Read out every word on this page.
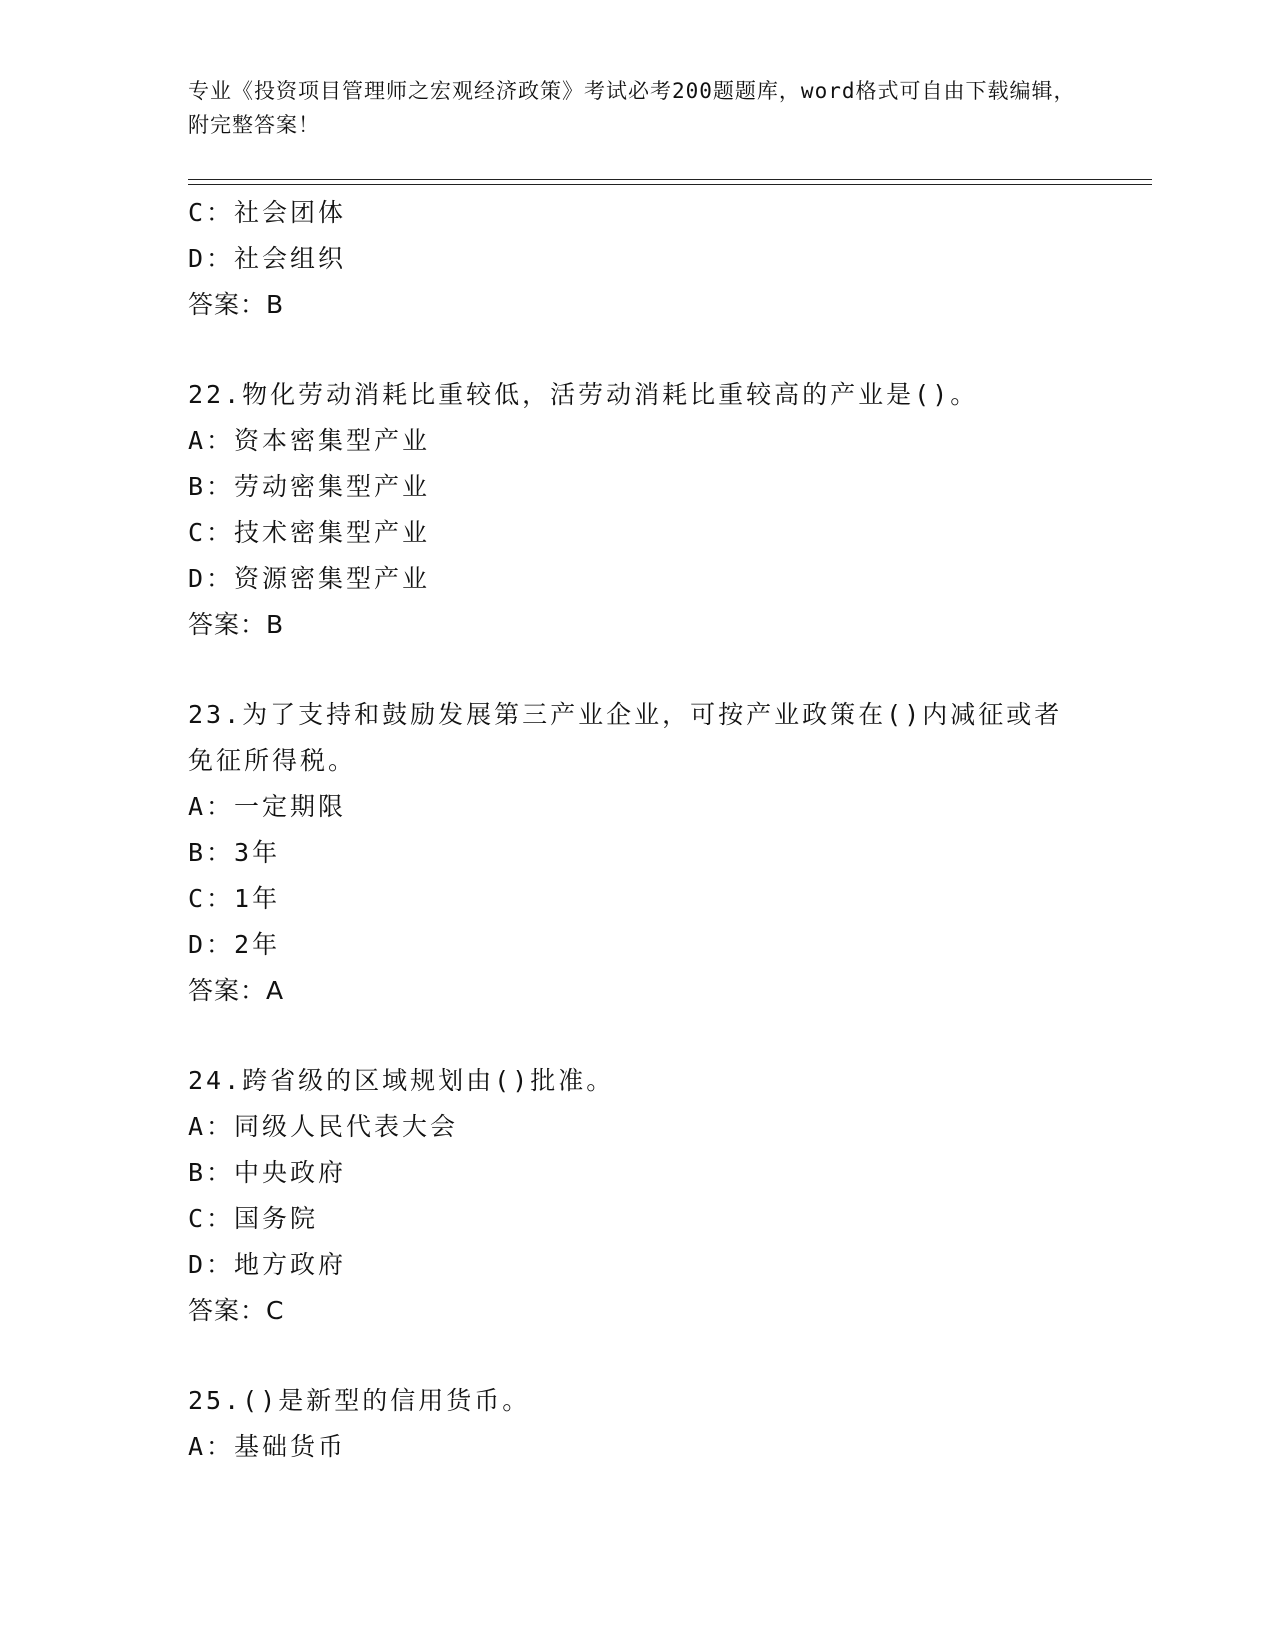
专业《投资项目管理师之宏观经济政策》考试必考200题题库，word格式可自由下载编辑，附完整答案！
C：社会团体
D：社会组织
答案：B
22.物化劳动消耗比重较低，活劳动消耗比重较高的产业是()。
A：资本密集型产业
B：劳动密集型产业
C：技术密集型产业
D：资源密集型产业
答案：B
23.为了支持和鼓励发展第三产业企业，可按产业政策在()内减征或者免征所得税。
A：一定期限
B：3年
C：1年
D：2年
答案：A
24.跨省级的区域规划由()批准。
A：同级人民代表大会
B：中央政府
C：国务院
D：地方政府
答案：C
25.()是新型的信用货币。
A：基础货币
